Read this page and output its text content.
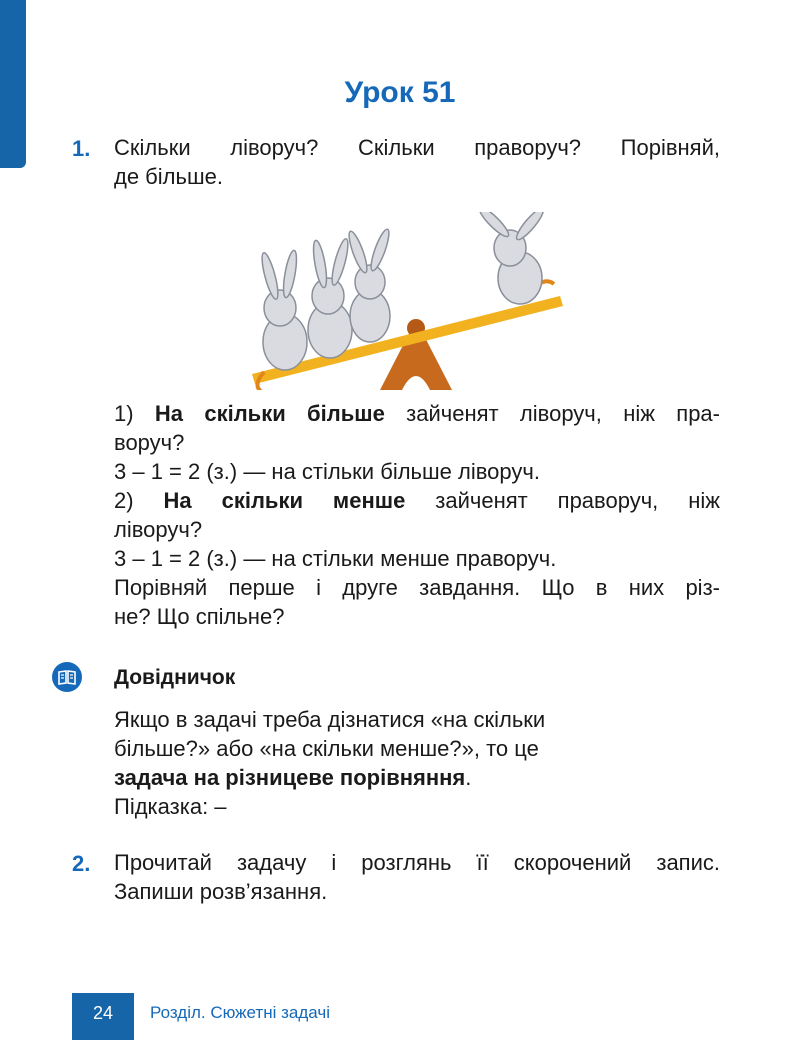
Урок 51
1. Скільки ліворуч? Скільки праворуч? Порівняй,
де більше.
1) На скільки більше зайченят ліворуч, ніж пра-
воруч?
3 – 1 = 2 (з.) — на стільки більше ліворуч.

2) На скільки менше зайченят праворуч, ніж
ліворуч?
3 – 1 = 2 (з.) — на стільки менше праворуч.

Порівняй перше і друге завдання. Що в них різ-
не? Що спільне?
Довідничок
Якщо в задачі треба дізнатися «на скільки
більше?» або «на скільки менше?», то це
задача на різницеве порівняння.
Підказка: –
2. Прочитай задачу і розглянь її скорочений запис.
Запиши розв’язання.
24	Розділ. Сюжетні задачі
